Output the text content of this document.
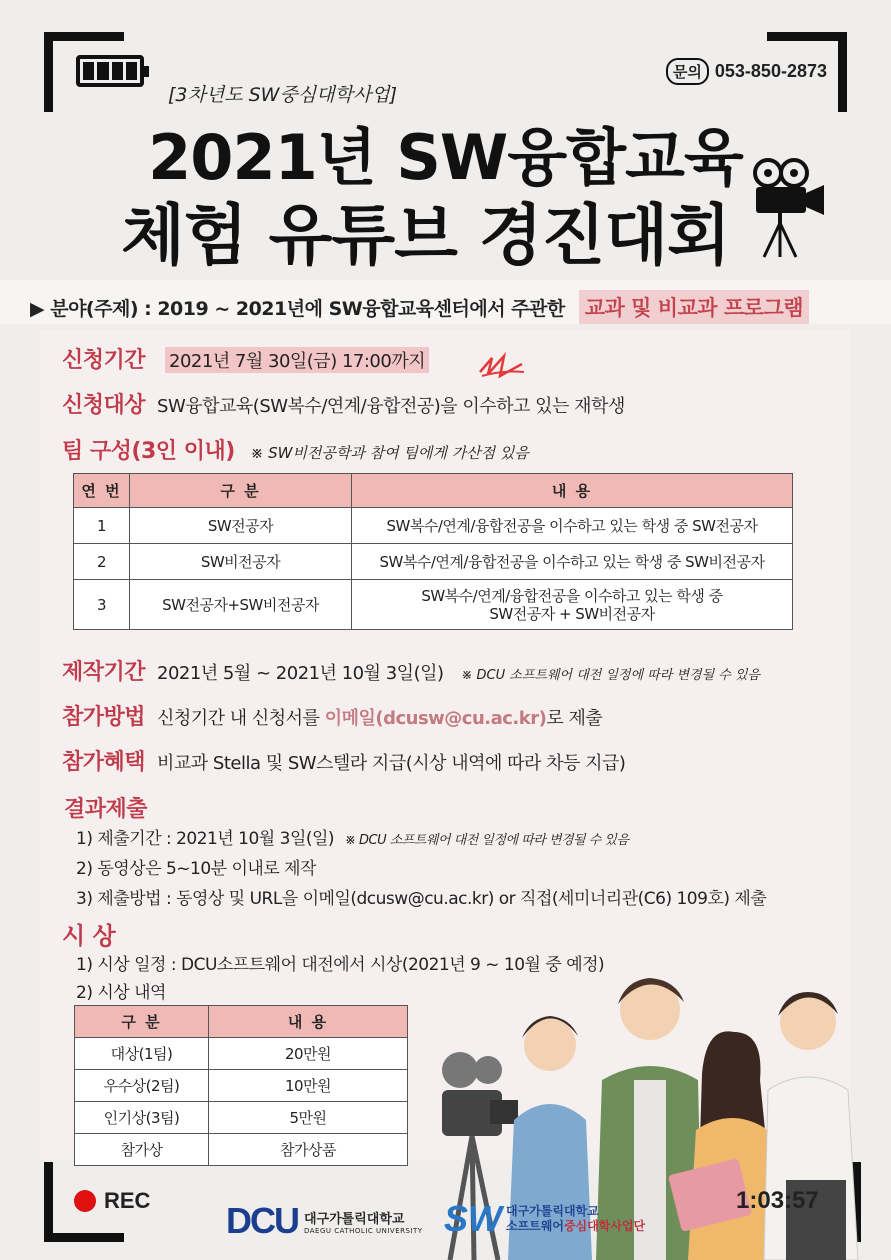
문의 053-850-2873
[3차년도 SW중심대학사업]
2021년 SW융합교육
체험 유튜브 경진대회
▶ 분야(주제) : 2019 ~ 2021년에 SW융합교육센터에서 주관한 교과 및 비교과 프로그램
신청기간 2021년 7월 30일(금) 17:00까지
신청대상 SW융합교육(SW복수/연계/융합전공)을 이수하고 있는 재학생
팀 구성(3인 이내) ※ SW비전공학과 참여 팀에게 가산점 있음
연 번	구 분	내 용
1	SW전공자	SW복수/연계/융합전공을 이수하고 있는 학생 중 SW전공자
2	SW비전공자	SW복수/연계/융합전공을 이수하고 있는 학생 중 SW비전공자
3	SW전공자+SW비전공자	SW복수/연계/융합전공을 이수하고 있는 학생 중
SW전공자 + SW비전공자
제작기간 2021년 5월 ~ 2021년 10월 3일(일) ※ DCU 소프트웨어 대전 일정에 따라 변경될 수 있음
참가방법 신청기간 내 신청서를 이메일(dcusw@cu.ac.kr)로 제출
참가혜택 비교과 Stella 및 SW스텔라 지급(시상 내역에 따라 차등 지급)
결과제출
1) 제출기간 : 2021년 10월 3일(일) ※ DCU 소프트웨어 대전 일정에 따라 변경될 수 있음
2) 동영상은 5~10분 이내로 제작
3) 제출방법 : 동영상 및 URL을 이메일(dcusw@cu.ac.kr) or 직접(세미너리관(C6) 109호) 제출
시 상
1) 시상 일정 : DCU소프트웨어 대전에서 시상(2021년 9 ~ 10월 중 예정)
2) 시상 내역
구 분	내 용
대상(1팀)	20만원
우수상(2팀)	10만원
인기상(3팀)	5만원
참가상	참가상품
REC DCU 대구가톨릭대학교
DAEGU CATHOLIC UNIVERSITY SW 대구가톨릭대학교
소프트웨어중심대학사업단
1:03:57
